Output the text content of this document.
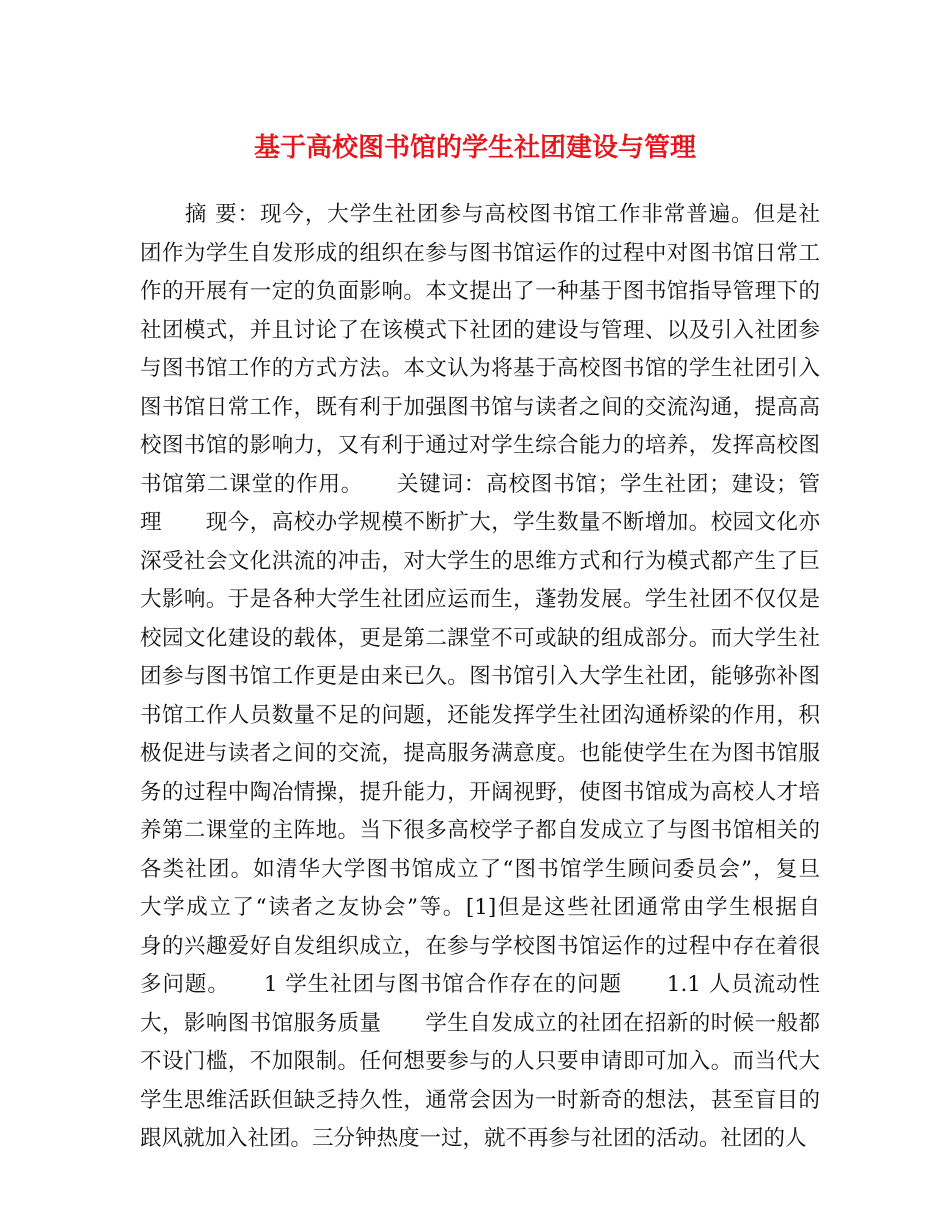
基于高校图书馆的学生社团建设与管理
　　摘 要：现今，大学生社团参与高校图书馆工作非常普遍。但是社
团作为学生自发形成的组织在参与图书馆运作的过程中对图书馆日常工
作的开展有一定的负面影响。本文提出了一种基于图书馆指导管理下的
社团模式，并且讨论了在该模式下社团的建设与管理、以及引入社团参
与图书馆工作的方式方法。本文认为将基于高校图书馆的学生社团引入
图书馆日常工作，既有利于加强图书馆与读者之间的交流沟通，提高高
校图书馆的影响力，又有利于通过对学生综合能力的培养，发挥高校图
书馆第二课堂的作用。　　关键词：高校图书馆；学生社团；建设；管
理　　现今，高校办学规模不断扩大，学生数量不断增加。校园文化亦
深受社会文化洪流的冲击，对大学生的思维方式和行为模式都产生了巨
大影响。于是各种大学生社团应运而生，蓬勃发展。学生社团不仅仅是
校园文化建设的载体，更是第二課堂不可或缺的组成部分。而大学生社
团参与图书馆工作更是由来已久。图书馆引入大学生社团，能够弥补图
书馆工作人员数量不足的问题，还能发挥学生社团沟通桥梁的作用，积
极促进与读者之间的交流，提高服务满意度。也能使学生在为图书馆服
务的过程中陶冶情操，提升能力，开阔视野，使图书馆成为高校人才培
养第二课堂的主阵地。当下很多高校学子都自发成立了与图书馆相关的
各类社团。如清华大学图书馆成立了“图书馆学生顾问委员会”，复旦
大学成立了“读者之友协会”等。[1]但是这些社团通常由学生根据自
身的兴趣爱好自发组织成立，在参与学校图书馆运作的过程中存在着很
多问题。　　1 学生社团与图书馆合作存在的问题　　1.1 人员流动性
大，影响图书馆服务质量　　学生自发成立的社团在招新的时候一般都
不设门槛，不加限制。任何想要参与的人只要申请即可加入。而当代大
学生思维活跃但缺乏持久性，通常会因为一时新奇的想法，甚至盲目的
跟风就加入社团。三分钟热度一过，就不再参与社团的活动。社团的人
